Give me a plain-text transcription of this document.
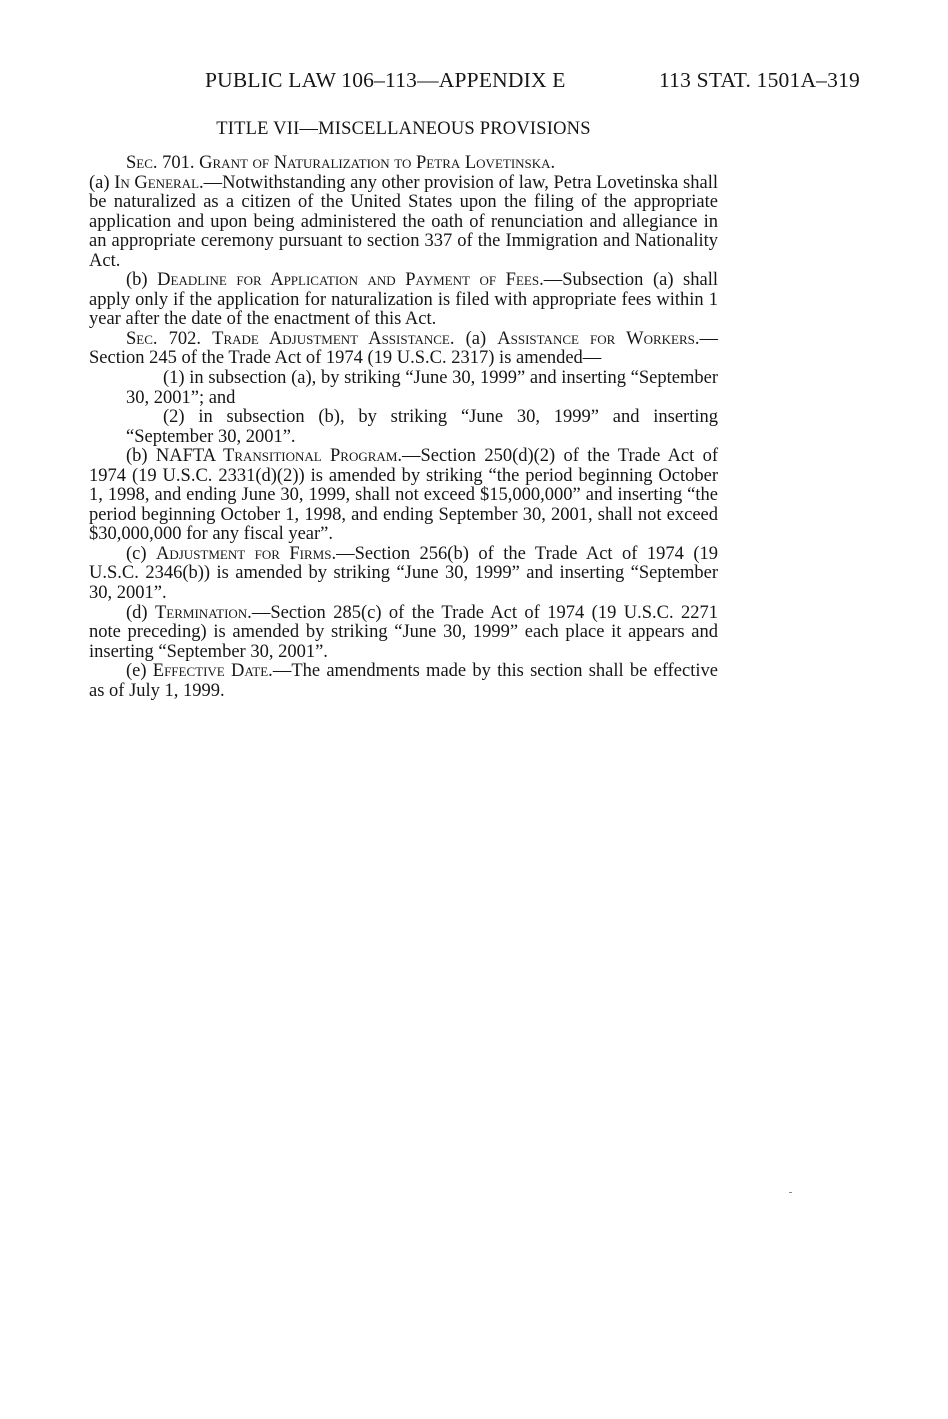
PUBLIC LAW 106–113—APPENDIX E	113 STAT. 1501A–319
TITLE VII—MISCELLANEOUS PROVISIONS

Sec. 701. Grant of Naturalization to Petra Lovetinska.

(a) In General.—Notwithstanding any other provision of law, Petra Lovetinska shall be naturalized as a citizen of the United States upon the filing of the appropriate application and upon being administered the oath of renunciation and allegiance in an appropriate ceremony pursuant to section 337 of the Immigration and Nationality Act.

(b) Deadline for Application and Payment of Fees.—Subsection (a) shall apply only if the application for naturalization is filed with appropriate fees within 1 year after the date of the enactment of this Act.

Sec. 702. Trade Adjustment Assistance. (a) Assistance for Workers.—Section 245 of the Trade Act of 1974 (19 U.S.C. 2317) is amended—

(1) in subsection (a), by striking “June 30, 1999” and inserting “September 30, 2001”; and

(2) in subsection (b), by striking “June 30, 1999” and inserting “September 30, 2001”.

(b) NAFTA Transitional Program.—Section 250(d)(2) of the Trade Act of 1974 (19 U.S.C. 2331(d)(2)) is amended by striking “the period beginning October 1, 1998, and ending June 30, 1999, shall not exceed $15,000,000” and inserting “the period beginning October 1, 1998, and ending September 30, 2001, shall not exceed $30,000,000 for any fiscal year”.

(c) Adjustment for Firms.—Section 256(b) of the Trade Act of 1974 (19 U.S.C. 2346(b)) is amended by striking “June 30, 1999” and inserting “September 30, 2001”.

(d) Termination.—Section 285(c) of the Trade Act of 1974 (19 U.S.C. 2271 note preceding) is amended by striking “June 30, 1999” each place it appears and inserting “September 30, 2001”.

(e) Effective Date.—The amendments made by this section shall be effective as of July 1, 1999.
